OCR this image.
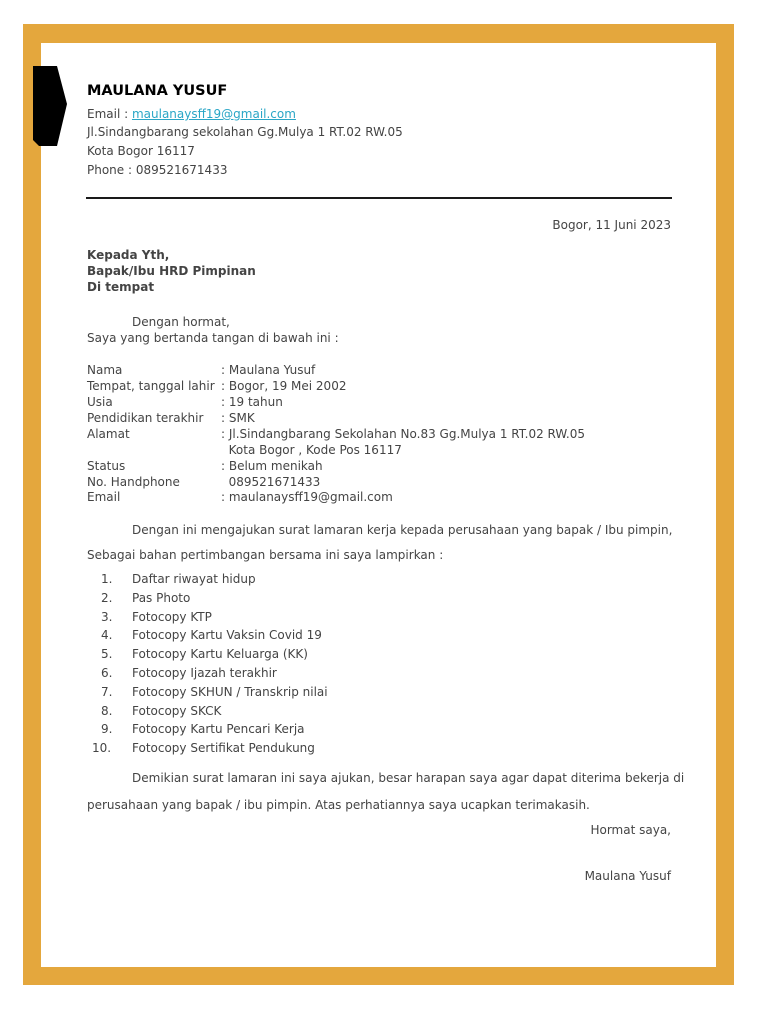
MAULANA YUSUF
Email : maulanaysff19@gmail.com
Jl.Sindangbarang sekolahan Gg.Mulya 1 RT.02 RW.05
Kota Bogor 16117
Phone : 089521671433
Bogor, 11 Juni 2023
Kepada Yth,
Bapak/Ibu HRD Pimpinan
Di tempat
Dengan hormat,
Saya yang bertanda tangan di bawah ini :
Nama	: Maulana Yusuf
Tempat, tanggal lahir : Bogor, 19 Mei 2002
Usia	: 19 tahun
Pendidikan terakhir : SMK
Alamat	: Jl.Sindangbarang Sekolahan No.83 Gg.Mulya 1 RT.02 RW.05
Kota Bogor , Kode Pos 16117
Status	: Belum menikah
No. Handphone	089521671433
Email	: maulanaysff19@gmail.com
Dengan ini mengajukan surat lamaran kerja kepada perusahaan yang bapak / Ibu pimpin,
Sebagai bahan pertimbangan bersama ini saya lampirkan :
1. Daftar riwayat hidup
2. Pas Photo
3. Fotocopy KTP
4. Fotocopy Kartu Vaksin Covid 19
5. Fotocopy Kartu Keluarga (KK)
6. Fotocopy Ijazah terakhir
7. Fotocopy SKHUN / Transkrip nilai
8. Fotocopy SKCK
9. Fotocopy Kartu Pencari Kerja
10. Fotocopy Sertifikat Pendukung
Demikian surat lamaran ini saya ajukan, besar harapan saya agar dapat diterima bekerja di
perusahaan yang bapak / ibu pimpin. Atas perhatiannya saya ucapkan terimakasih.
Hormat saya,
Maulana Yusuf
